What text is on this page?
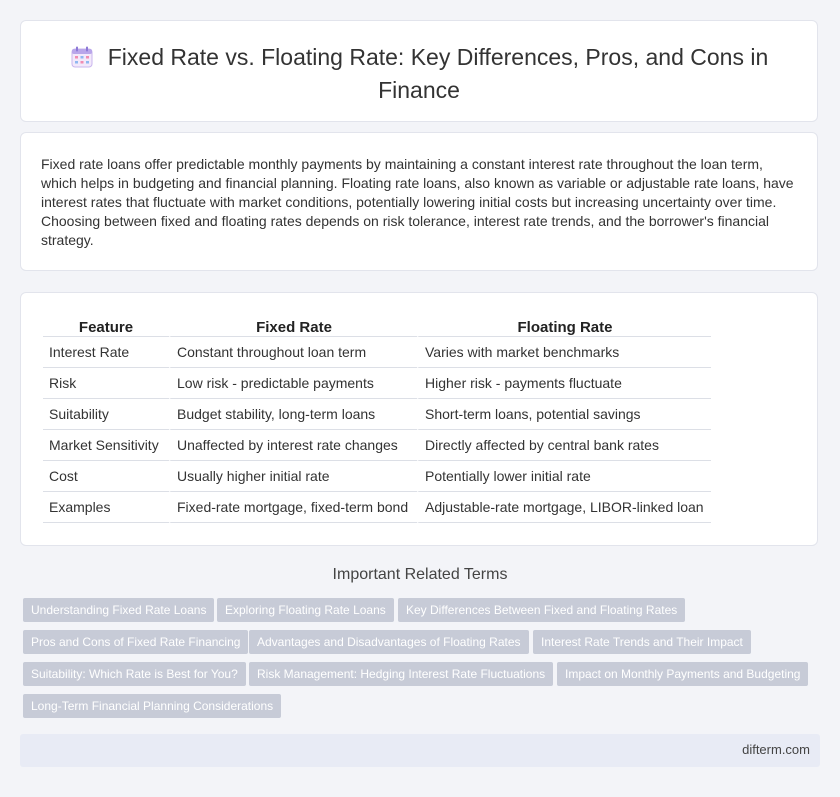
Fixed Rate vs. Floating Rate: Key Differences, Pros, and Cons in Finance
Fixed rate loans offer predictable monthly payments by maintaining a constant interest rate throughout the loan term, which helps in budgeting and financial planning. Floating rate loans, also known as variable or adjustable rate loans, have interest rates that fluctuate with market conditions, potentially lowering initial costs but increasing uncertainty over time. Choosing between fixed and floating rates depends on risk tolerance, interest rate trends, and the borrower's financial strategy.
Feature	Fixed Rate	Floating Rate
Interest Rate	Constant throughout loan term	Varies with market benchmarks
Risk	Low risk - predictable payments	Higher risk - payments fluctuate
Suitability	Budget stability, long-term loans	Short-term loans, potential savings
Market Sensitivity	Unaffected by interest rate changes	Directly affected by central bank rates
Cost	Usually higher initial rate	Potentially lower initial rate
Examples	Fixed-rate mortgage, fixed-term bond	Adjustable-rate mortgage, LIBOR-linked loan
Important Related Terms
Understanding Fixed Rate Loans	Exploring Floating Rate Loans	Key Differences Between Fixed and Floating Rates
Pros and Cons of Fixed Rate Financing	Advantages and Disadvantages of Floating Rates	Interest Rate Trends and Their Impact
Suitability: Which Rate is Best for You?	Risk Management: Hedging Interest Rate Fluctuations	Impact on Monthly Payments and Budgeting
Long-Term Financial Planning Considerations
difterm.com
